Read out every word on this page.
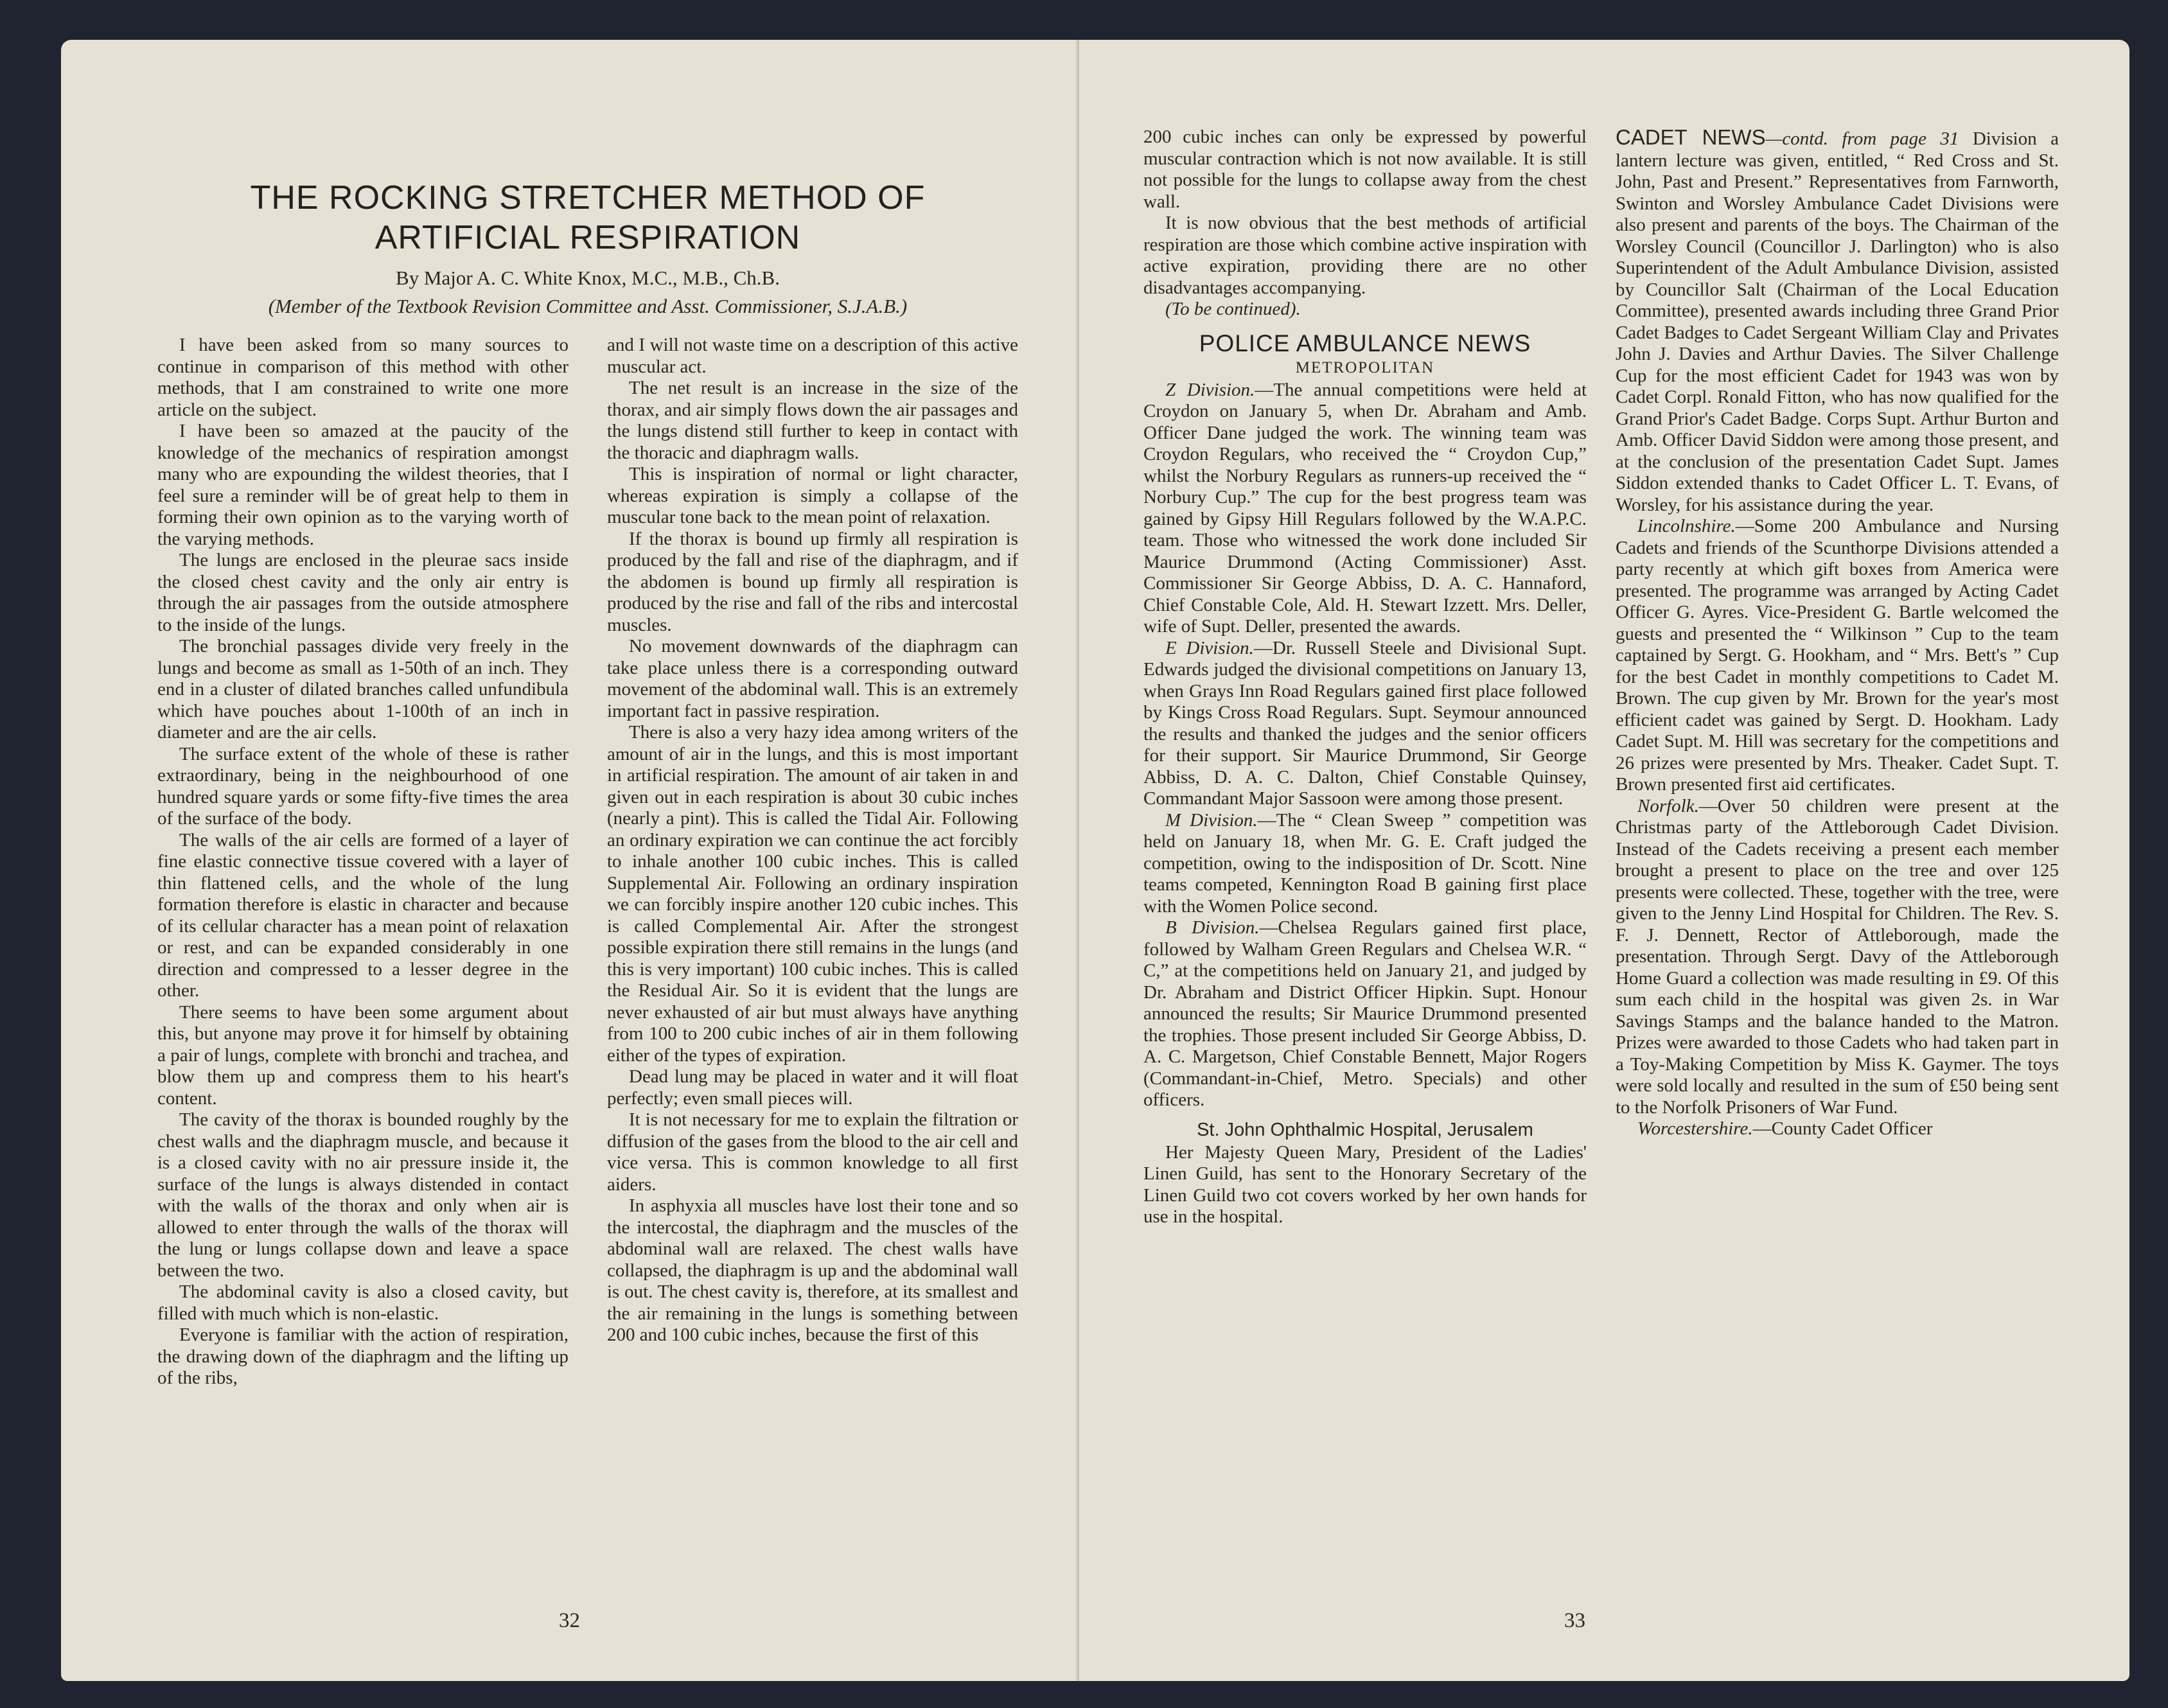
THE ROCKING STRETCHER METHOD OF ARTIFICIAL RESPIRATION

By Major A. C. White Knox, M.C., M.B., Ch.B.

(Member of the Textbook Revision Committee and Asst. Commissioner, S.J.A.B.)

I have been asked from so many sources to continue in comparison of this method with other methods, that I am constrained to write one more article on the subject.

I have been so amazed at the paucity of the knowledge of the mechanics of respiration amongst many who are expounding the wildest theories, that I feel sure a reminder will be of great help to them in forming their own opinion as to the varying worth of the varying methods.

The lungs are enclosed in the pleurae sacs inside the closed chest cavity and the only air entry is through the air passages from the outside atmosphere to the inside of the lungs.

The bronchial passages divide very freely in the lungs and become as small as 1-50th of an inch. They end in a cluster of dilated branches called unfundibula which have pouches about 1-100th of an inch in diameter and are the air cells.

The surface extent of the whole of these is rather extraordinary, being in the neighbourhood of one hundred square yards or some fifty-five times the area of the surface of the body.

The walls of the air cells are formed of a layer of fine elastic connective tissue covered with a layer of thin flattened cells, and the whole of the lung formation therefore is elastic in character and because of its cellular character has a mean point of relaxation or rest, and can be expanded considerably in one direction and compressed to a lesser degree in the other.

There seems to have been some argument about this, but anyone may prove it for himself by obtaining a pair of lungs, complete with bronchi and trachea, and blow them up and compress them to his heart's content.

The cavity of the thorax is bounded roughly by the chest walls and the diaphragm muscle, and because it is a closed cavity with no air pressure inside it, the surface of the lungs is always distended in contact with the walls of the thorax and only when air is allowed to enter through the walls of the thorax will the lung or lungs collapse down and leave a space between the two.

The abdominal cavity is also a closed cavity, but filled with much which is non-elastic.

Everyone is familiar with the action of respiration, the drawing down of the diaphragm and the lifting up of the ribs,

and I will not waste time on a description of this active muscular act.

The net result is an increase in the size of the thorax, and air simply flows down the air passages and the lungs distend still further to keep in contact with the thoracic and diaphragm walls.

This is inspiration of normal or light character, whereas expiration is simply a collapse of the muscular tone back to the mean point of relaxation.

If the thorax is bound up firmly all respiration is produced by the fall and rise of the diaphragm, and if the abdomen is bound up firmly all respiration is produced by the rise and fall of the ribs and intercostal muscles.

No movement downwards of the diaphragm can take place unless there is a corresponding outward movement of the abdominal wall. This is an extremely important fact in passive respiration.

There is also a very hazy idea among writers of the amount of air in the lungs, and this is most important in artificial respiration. The amount of air taken in and given out in each respiration is about 30 cubic inches (nearly a pint). This is called the Tidal Air. Following an ordinary expiration we can continue the act forcibly to inhale another 100 cubic inches. This is called Supplemental Air. Following an ordinary inspiration we can forcibly inspire another 120 cubic inches. This is called Complemental Air. After the strongest possible expiration there still remains in the lungs (and this is very important) 100 cubic inches. This is called the Residual Air. So it is evident that the lungs are never exhausted of air but must always have anything from 100 to 200 cubic inches of air in them following either of the types of expiration.

Dead lung may be placed in water and it will float perfectly; even small pieces will.

It is not necessary for me to explain the filtration or diffusion of the gases from the blood to the air cell and vice versa. This is common knowledge to all first aiders.

In asphyxia all muscles have lost their tone and so the intercostal, the diaphragm and the muscles of the abdominal wall are relaxed. The chest walls have collapsed, the diaphragm is up and the abdominal wall is out. The chest cavity is, therefore, at its smallest and the air remaining in the lungs is something between 200 and 100 cubic inches, because the first of this

32

200 cubic inches can only be expressed by powerful muscular contraction which is not now available. It is still not possible for the lungs to collapse away from the chest wall.

It is now obvious that the best methods of artificial respiration are those which combine active inspiration with active expiration, providing there are no other disadvantages accompanying.

(To be continued).

POLICE AMBULANCE NEWS
METROPOLITAN

Z Division.—The annual competitions were held at Croydon on January 5, when Dr. Abraham and Amb. Officer Dane judged the work. The winning team was Croydon Regulars, who received the “ Croydon Cup,” whilst the Norbury Regulars as runners-up received the “ Norbury Cup.” The cup for the best progress team was gained by Gipsy Hill Regulars followed by the W.A.P.C. team. Those who witnessed the work done included Sir Maurice Drummond (Acting Commissioner) Asst. Commissioner Sir George Abbiss, D. A. C. Hannaford, Chief Constable Cole, Ald. H. Stewart Izzett. Mrs. Deller, wife of Supt. Deller, presented the awards.

E Division.—Dr. Russell Steele and Divisional Supt. Edwards judged the divisional competitions on January 13, when Grays Inn Road Regulars gained first place followed by Kings Cross Road Regulars. Supt. Seymour announced the results and thanked the judges and the senior officers for their support. Sir Maurice Drummond, Sir George Abbiss, D. A. C. Dalton, Chief Constable Quinsey, Commandant Major Sassoon were among those present.

M Division.—The “ Clean Sweep ” competition was held on January 18, when Mr. G. E. Craft judged the competition, owing to the indisposition of Dr. Scott. Nine teams competed, Kennington Road B gaining first place with the Women Police second.

B Division.—Chelsea Regulars gained first place, followed by Walham Green Regulars and Chelsea W.R. “ C,” at the competitions held on January 21, and judged by Dr. Abraham and District Officer Hipkin. Supt. Honour announced the results; Sir Maurice Drummond presented the trophies. Those present included Sir George Abbiss, D. A. C. Margetson, Chief Constable Bennett, Major Rogers (Commandant-in-Chief, Metro. Specials) and other officers.

St. John Ophthalmic Hospital, Jerusalem

Her Majesty Queen Mary, President of the Ladies' Linen Guild, has sent to the Honorary Secretary of the Linen Guild two cot covers worked by her own hands for use in the hospital.

CADET NEWS—contd. from page 31 Division a lantern lecture was given, entitled, “ Red Cross and St. John, Past and Present.” Representatives from Farnworth, Swinton and Worsley Ambulance Cadet Divisions were also present and parents of the boys. The Chairman of the Worsley Council (Councillor J. Darlington) who is also Superintendent of the Adult Ambulance Division, assisted by Councillor Salt (Chairman of the Local Education Committee), presented awards including three Grand Prior Cadet Badges to Cadet Sergeant William Clay and Privates John J. Davies and Arthur Davies. The Silver Challenge Cup for the most efficient Cadet for 1943 was won by Cadet Corpl. Ronald Fitton, who has now qualified for the Grand Prior's Cadet Badge. Corps Supt. Arthur Burton and Amb. Officer David Siddon were among those present, and at the conclusion of the presentation Cadet Supt. James Siddon extended thanks to Cadet Officer L. T. Evans, of Worsley, for his assistance during the year.

Lincolnshire.—Some 200 Ambulance and Nursing Cadets and friends of the Scunthorpe Divisions attended a party recently at which gift boxes from America were presented. The programme was arranged by Acting Cadet Officer G. Ayres. Vice-President G. Bartle welcomed the guests and presented the “ Wilkinson ” Cup to the team captained by Sergt. G. Hookham, and “ Mrs. Bett's ” Cup for the best Cadet in monthly competitions to Cadet M. Brown. The cup given by Mr. Brown for the year's most efficient cadet was gained by Sergt. D. Hookham. Lady Cadet Supt. M. Hill was secretary for the competitions and 26 prizes were presented by Mrs. Theaker. Cadet Supt. T. Brown presented first aid certificates.

Norfolk.—Over 50 children were present at the Christmas party of the Attleborough Cadet Division. Instead of the Cadets receiving a present each member brought a present to place on the tree and over 125 presents were collected. These, together with the tree, were given to the Jenny Lind Hospital for Children. The Rev. S. F. J. Dennett, Rector of Attleborough, made the presentation. Through Sergt. Davy of the Attleborough Home Guard a collection was made resulting in £9. Of this sum each child in the hospital was given 2s. in War Savings Stamps and the balance handed to the Matron. Prizes were awarded to those Cadets who had taken part in a Toy-Making Competition by Miss K. Gaymer. The toys were sold locally and resulted in the sum of £50 being sent to the Norfolk Prisoners of War Fund.

Worcestershire.—County Cadet Officer

33
